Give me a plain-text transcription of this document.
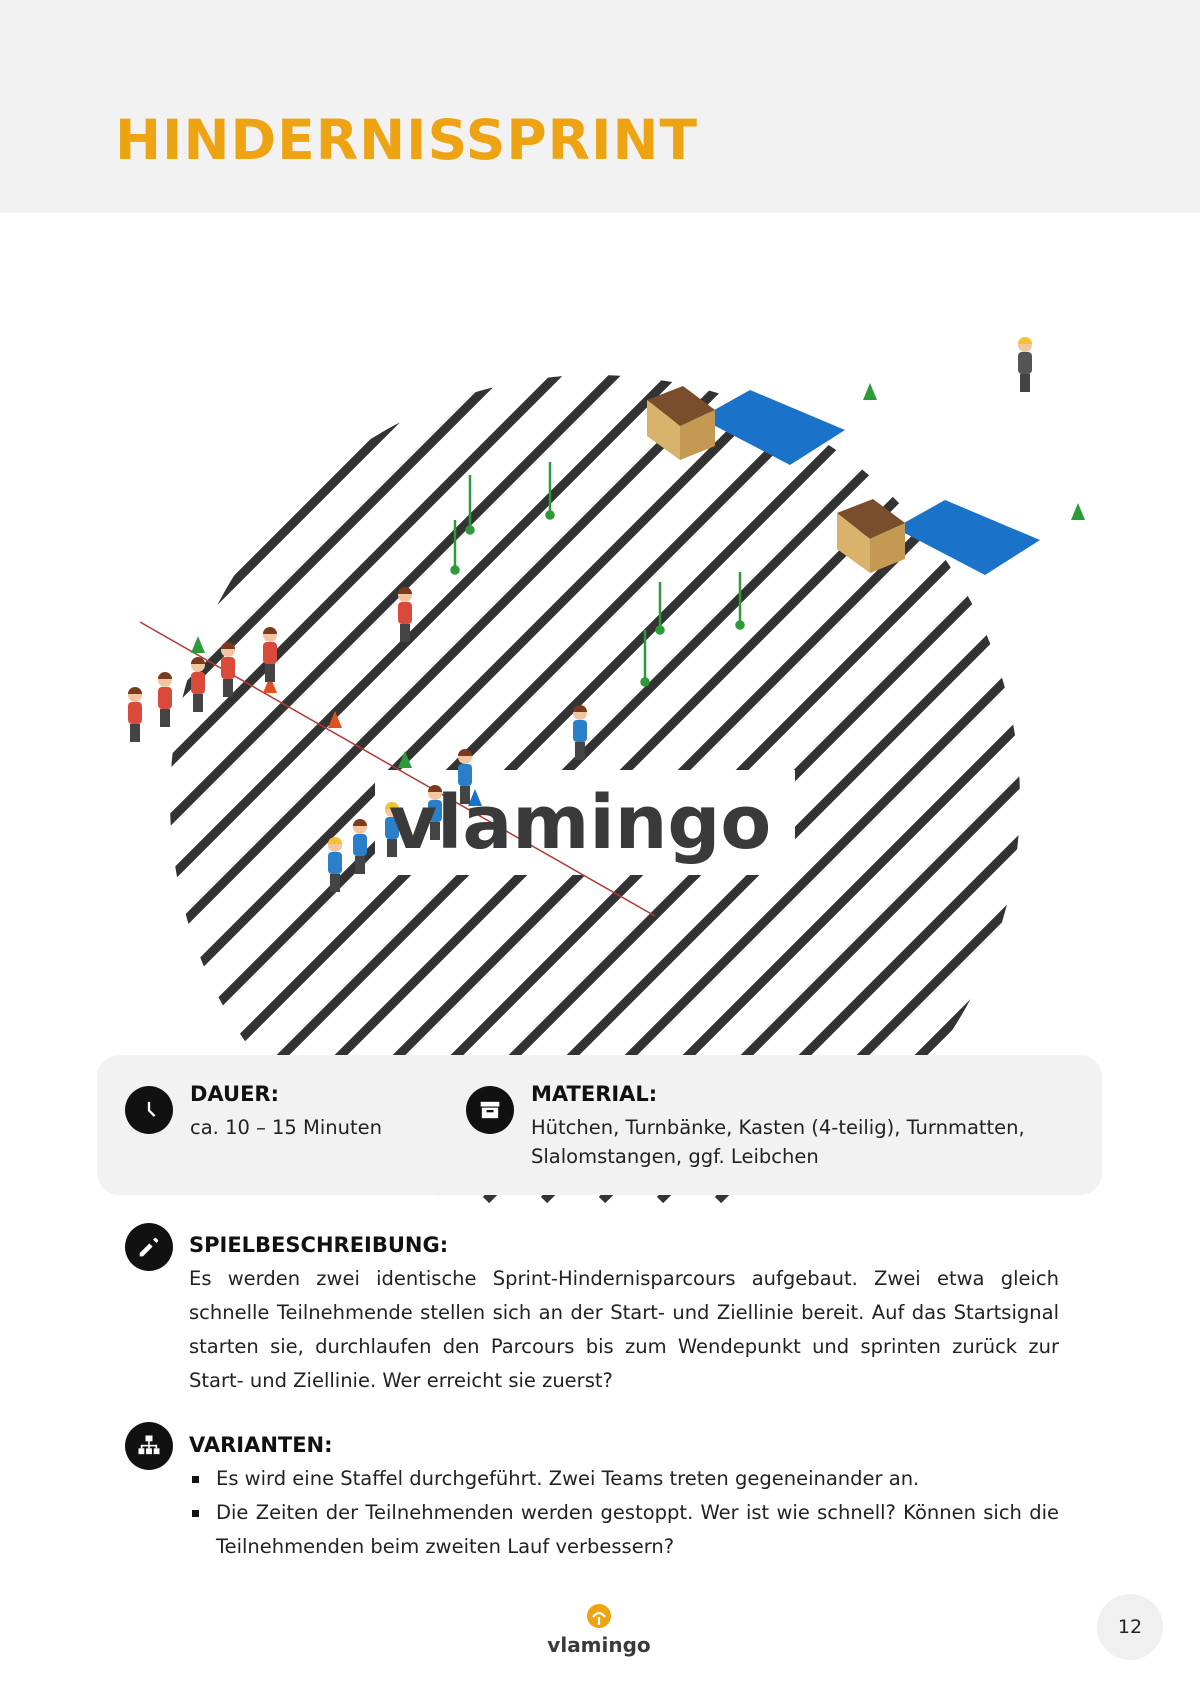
HINDERNISSPRINT
vlamingo
DAUER:
ca. 10 – 15 Minuten
MATERIAL:
Hütchen, Turnbänke, Kasten (4-teilig), Turnmatten,
Slalomstangen, ggf. Leibchen
SPIELBESCHREIBUNG:
Es werden zwei identische Sprint-Hindernisparcours aufgebaut. Zwei etwa gleich schnelle Teilnehmende stellen sich an der Start- und Ziellinie bereit. Auf das Startsignal starten sie, durchlaufen den Parcours bis zum Wendepunkt und sprinten zurück zur Start- und Ziellinie. Wer erreicht sie zuerst?
VARIANTEN:
Es wird eine Staffel durchgeführt. Zwei Teams treten gegeneinander an.
Die Zeiten der Teilnehmenden werden gestoppt. Wer ist wie schnell? Können sich die Teilnehmenden beim zweiten Lauf verbessern?
vlamingo
12
